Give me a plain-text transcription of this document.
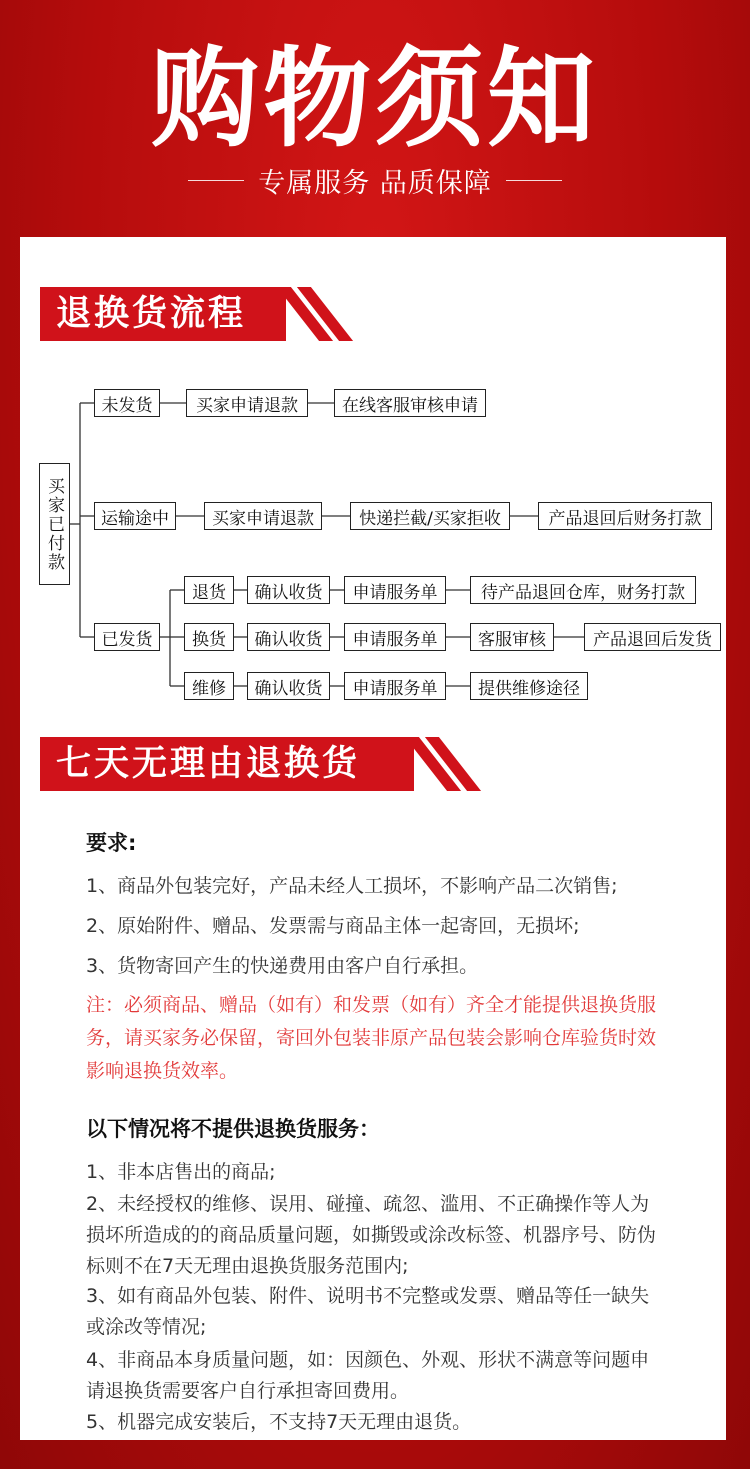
购物须知
专属服务 品质保障
退换货流程
买家已付款
未发货	买家申请退款	在线客服审核申请
运输途中	买家申请退款	快递拦截/买家拒收	产品退回后财务打款
已发货
退货	确认收货	申请服务单	待产品退回仓库，财务打款
换货	确认收货	申请服务单	客服审核	产品退回后发货
维修	确认收货	申请服务单	提供维修途径
七天无理由退换货
要求:

1、商品外包装完好，产品未经人工损坏，不影响产品二次销售;

2、原始附件、赠品、发票需与商品主体一起寄回，无损坏;

3、货物寄回产生的快递费用由客户自行承担。

注：必须商品、赠品（如有）和发票（如有）齐全才能提供退换货服
务，请买家务必保留，寄回外包装非原产品包装会影响仓库验货时效
影响退换货效率。
以下情况将不提供退换货服务：
1、非本店售出的商品;
2、未经授权的维修、误用、碰撞、疏忽、滥用、不正确操作等人为
损坏所造成的的商品质量问题，如撕毁或涂改标签、机器序号、防伪
标则不在7天无理由退换货服务范围内;
3、如有商品外包装、附件、说明书不完整或发票、赠品等任一缺失
或涂改等情况;
4、非商品本身质量问题，如：因颜色、外观、形状不满意等问题申
请退换货需要客户自行承担寄回费用。
5、机器完成安装后，不支持7天无理由退货。
